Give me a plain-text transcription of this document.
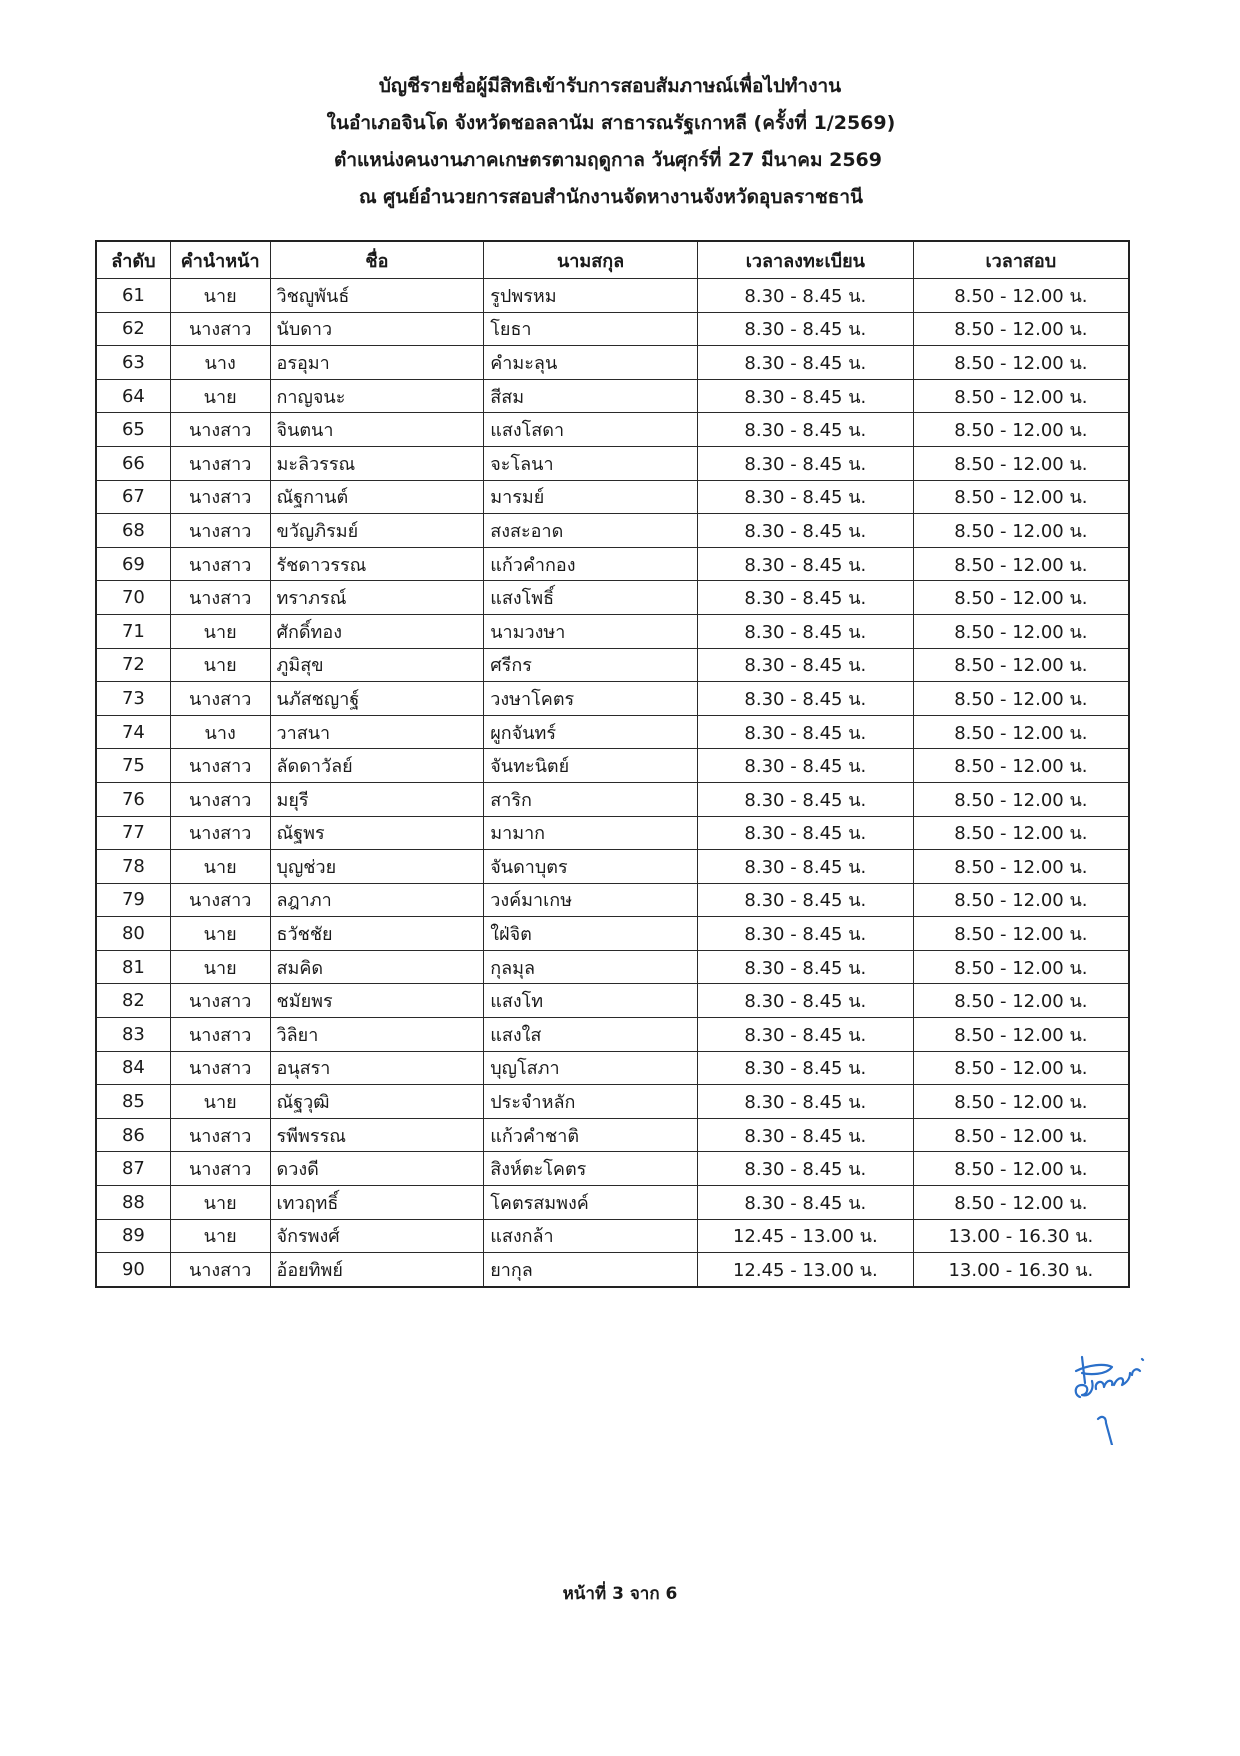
บัญชีรายชื่อผู้มีสิทธิเข้ารับการสอบสัมภาษณ์เพื่อไปทำงาน
ในอำเภอจินโด จังหวัดชอลลานัม สาธารณรัฐเกาหลี (ครั้งที่ 1/2569)
ตำแหน่งคนงานภาคเกษตรตามฤดูกาล วันศุกร์ที่ 27 มีนาคม 2569
ณ ศูนย์อำนวยการสอบสำนักงานจัดหางานจังหวัดอุบลราชธานี
ลำดับ	คำนำหน้า	ชื่อ	นามสกุล	เวลาลงทะเบียน	เวลาสอบ
61	นาย	วิชญูพันธ์	รูปพรหม	8.30 - 8.45 น.	8.50 - 12.00 น.
62	นางสาว	นับดาว	โยธา	8.30 - 8.45 น.	8.50 - 12.00 น.
63	นาง	อรอุมา	คำมะลุน	8.30 - 8.45 น.	8.50 - 12.00 น.
64	นาย	กาญจนะ	สีสม	8.30 - 8.45 น.	8.50 - 12.00 น.
65	นางสาว	จินตนา	แสงโสดา	8.30 - 8.45 น.	8.50 - 12.00 น.
66	นางสาว	มะลิวรรณ	จะโลนา	8.30 - 8.45 น.	8.50 - 12.00 น.
67	นางสาว	ณัฐกานต์	มารมย์	8.30 - 8.45 น.	8.50 - 12.00 น.
68	นางสาว	ขวัญภิรมย์	สงสะอาด	8.30 - 8.45 น.	8.50 - 12.00 น.
69	นางสาว	รัชดาวรรณ	แก้วคำกอง	8.30 - 8.45 น.	8.50 - 12.00 น.
70	นางสาว	ทราภรณ์	แสงโพธิ์	8.30 - 8.45 น.	8.50 - 12.00 น.
71	นาย	ศักดิ์ทอง	นามวงษา	8.30 - 8.45 น.	8.50 - 12.00 น.
72	นาย	ภูมิสุข	ศรีกร	8.30 - 8.45 น.	8.50 - 12.00 น.
73	นางสาว	นภัสชญาฐ์	วงษาโคตร	8.30 - 8.45 น.	8.50 - 12.00 น.
74	นาง	วาสนา	ผูกจันทร์	8.30 - 8.45 น.	8.50 - 12.00 น.
75	นางสาว	ลัดดาวัลย์	จันทะนิตย์	8.30 - 8.45 น.	8.50 - 12.00 น.
76	นางสาว	มยุรี	สาริก	8.30 - 8.45 น.	8.50 - 12.00 น.
77	นางสาว	ณัฐพร	มามาก	8.30 - 8.45 น.	8.50 - 12.00 น.
78	นาย	บุญช่วย	จันดาบุตร	8.30 - 8.45 น.	8.50 - 12.00 น.
79	นางสาว	ลฎาภา	วงค์มาเกษ	8.30 - 8.45 น.	8.50 - 12.00 น.
80	นาย	ธวัชชัย	ใฝ่จิต	8.30 - 8.45 น.	8.50 - 12.00 น.
81	นาย	สมคิด	กุลมุล	8.30 - 8.45 น.	8.50 - 12.00 น.
82	นางสาว	ชมัยพร	แสงโท	8.30 - 8.45 น.	8.50 - 12.00 น.
83	นางสาว	วิลิยา	แสงใส	8.30 - 8.45 น.	8.50 - 12.00 น.
84	นางสาว	อนุสรา	บุญโสภา	8.30 - 8.45 น.	8.50 - 12.00 น.
85	นาย	ณัฐวุฒิ	ประจำหลัก	8.30 - 8.45 น.	8.50 - 12.00 น.
86	นางสาว	รพีพรรณ	แก้วคำชาติ	8.30 - 8.45 น.	8.50 - 12.00 น.
87	นางสาว	ดวงดี	สิงห์ตะโคตร	8.30 - 8.45 น.	8.50 - 12.00 น.
88	นาย	เทวฤทธิ์	โคตรสมพงค์	8.30 - 8.45 น.	8.50 - 12.00 น.
89	นาย	จักรพงศ์	แสงกล้า	12.45 - 13.00 น.	13.00 - 16.30 น.
90	นางสาว	อ้อยทิพย์	ยากุล	12.45 - 13.00 น.	13.00 - 16.30 น.
หน้าที่ 3 จาก 6
